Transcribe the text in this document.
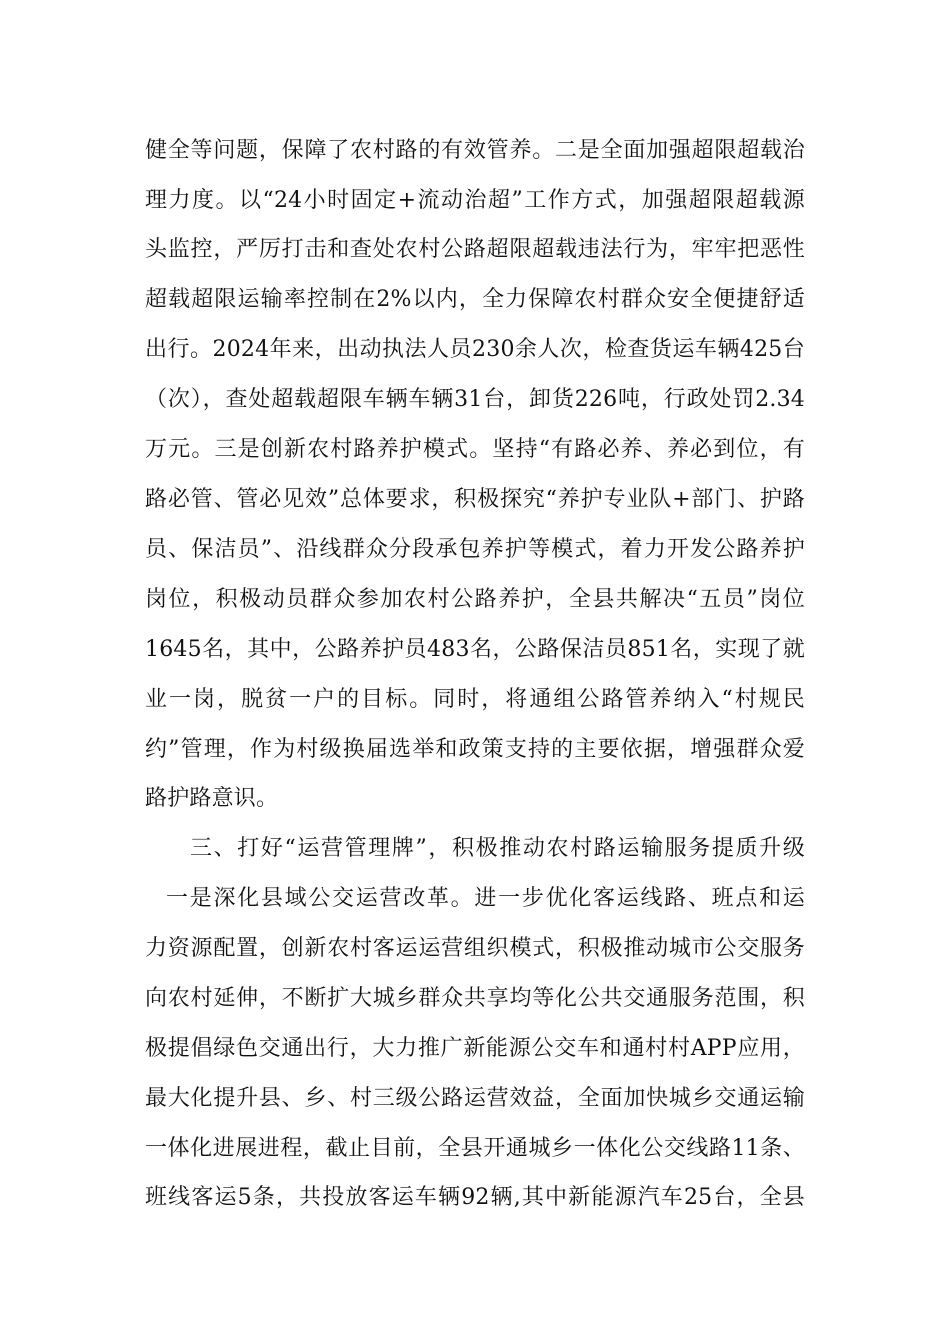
健全等问题，保障了农村路的有效管养。二是全面加强超限超载治
理力度。以“24小时固定+流动治超”工作方式，加强超限超载源
头监控，严厉打击和查处农村公路超限超载违法行为，牢牢把恶性
超载超限运输率控制在2%以内，全力保障农村群众安全便捷舒适
出行。2024年来，出动执法人员230余人次，检查货运车辆425台
（次），查处超载超限车辆车辆31台，卸货226吨，行政处罚2.34
万元。三是创新农村路养护模式。坚持“有路必养、养必到位，有
路必管、管必见效”总体要求，积极探究“养护专业队+部门、护路
员、保洁员”、沿线群众分段承包养护等模式，着力开发公路养护
岗位，积极动员群众参加农村公路养护，全县共解决“五员”岗位
1645名，其中，公路养护员483名，公路保洁员851名，实现了就
业一岗，脱贫一户的目标。同时，将通组公路管养纳入“村规民
约”管理，作为村级换届选举和政策支持的主要依据，增强群众爱
路护路意识。
三、打好“运营管理牌”，积极推动农村路运输服务提质升级
一是深化县域公交运营改革。进一步优化客运线路、班点和运
力资源配置，创新农村客运运营组织模式，积极推动城市公交服务
向农村延伸，不断扩大城乡群众共享均等化公共交通服务范围，积
极提倡绿色交通出行，大力推广新能源公交车和通村村APP应用，
最大化提升县、乡、村三级公路运营效益，全面加快城乡交通运输
一体化进展进程，截止目前，全县开通城乡一体化公交线路11条、
班线客运5条，共投放客运车辆92辆,其中新能源汽车25台，全县
